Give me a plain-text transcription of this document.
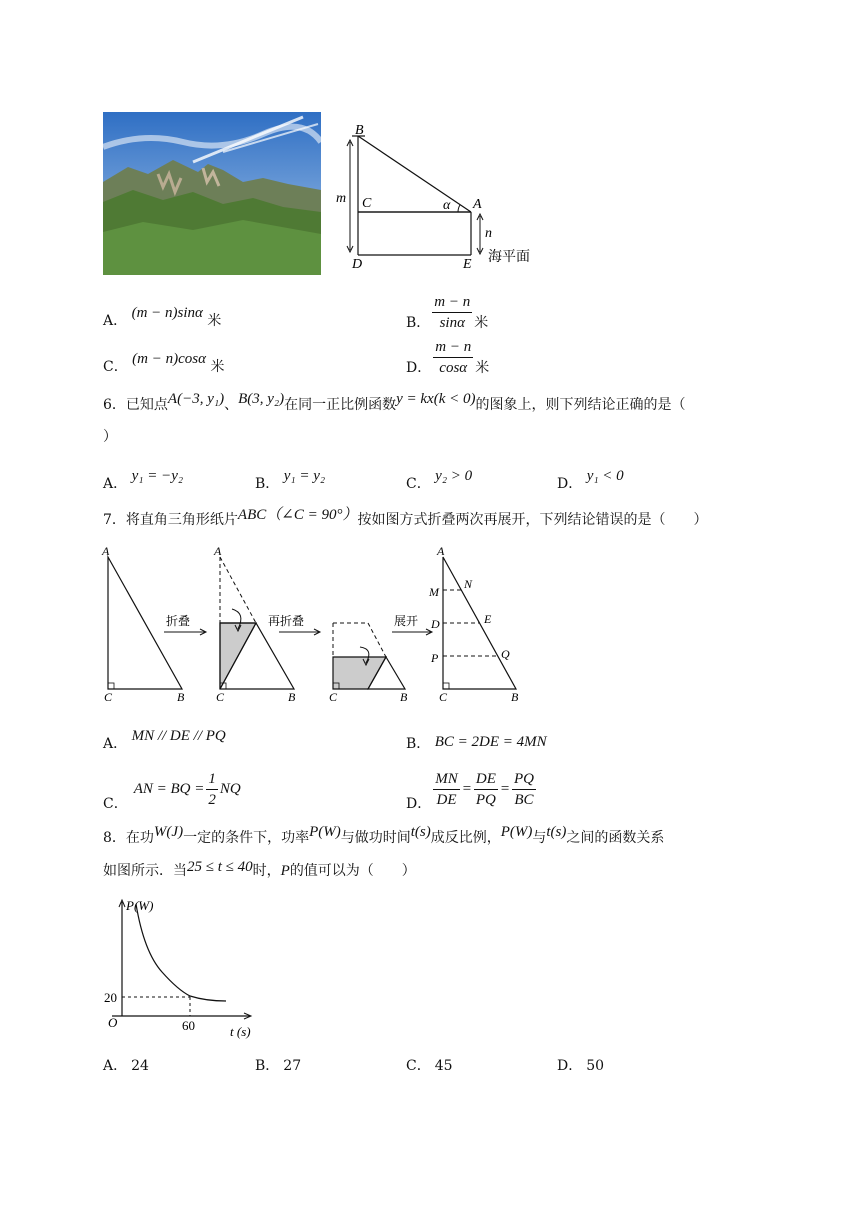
B
m C	α A
n
D	E 海平面
A． (m − n)sinα 米	B． $\frac{m - n}{\sin\alpha}$ 米
C． (m − n)cosα 米	D． $\frac{m - n}{\cos\alpha}$ 米
6．已知点A(−3, y₁)、B(3, y₂)在同一正比例函数y = kx(k < 0)的图象上，则下列结论正确的是（
）
A． y₁ = −y₂	B． y₁ = y₂	C． y₂ > 0	D． y₁ < 0
7．将直角三角形纸片ABC（∠C = 90°）按如图方式折叠两次再展开，下列结论错误的是（　　）
A
C	B
折叠
A
C	B
再折叠
C	B
展开
A
M
N
D	E
P	Q
C	B
A． MN // DE // PQ	B． BC = 2DE = 4MN
C．
AN = BQ = $\frac{1}{2}$ NQ
D． $\frac{MN}{DE} = \frac{DE}{PQ} = \frac{PQ}{BC}$
8．在功W(J)一定的条件下，功率P(W)与做功时间t(s)成反比例，P(W)与t(s)之间的函数关系
如图所示．当25 ≤ t ≤ 40时，P的值可以为（　　）
P(W)
20
O	60	t (s)
A． 24	B． 27	C． 45	D． 50
